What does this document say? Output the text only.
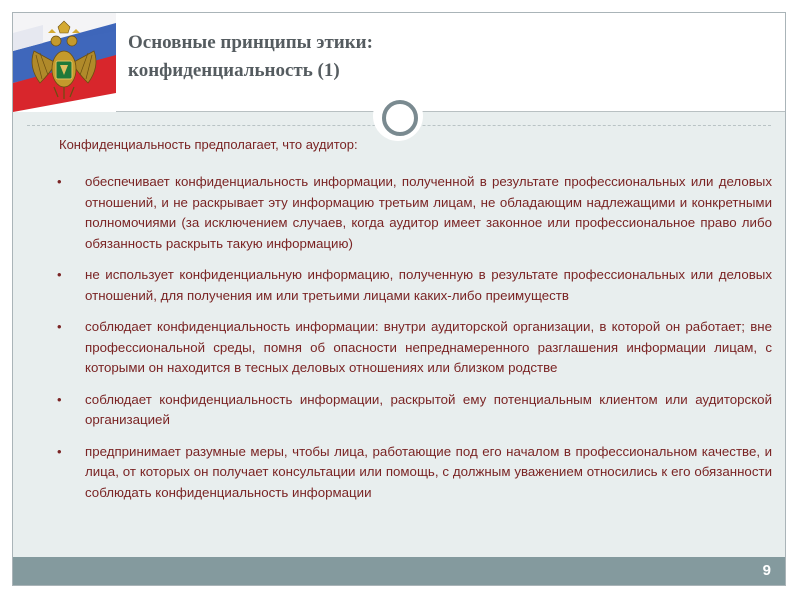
Основные принципы этики:
конфиденциальность (1)
Конфиденциальность предполагает, что аудитор:
• обеспечивает конфиденциальность информации, полученной в результате профессиональных или деловых отношений, и не раскрывает эту информацию третьим лицам, не обладающим надлежащими и конкретными полномочиями (за исключением случаев, когда аудитор имеет законное или профессиональное право либо обязанность раскрыть такую информацию)
• не использует конфиденциальную информацию, полученную в результате профессиональных или деловых отношений, для получения им или третьими лицами каких-либо преимуществ
• соблюдает конфиденциальность информации: внутри аудиторской организации, в которой он работает; вне профессиональной среды, помня об опасности непреднамеренного разглашения информации лицам, с которыми он находится в тесных деловых отношениях или близком родстве
• соблюдает конфиденциальность информации, раскрытой ему потенциальным клиентом или аудиторской организацией
• предпринимает разумные меры, чтобы лица, работающие под его началом в профессиональном качестве, и лица, от которых он получает консультации или помощь, с должным уважением относились к его обязанности соблюдать конфиденциальность информации
9
